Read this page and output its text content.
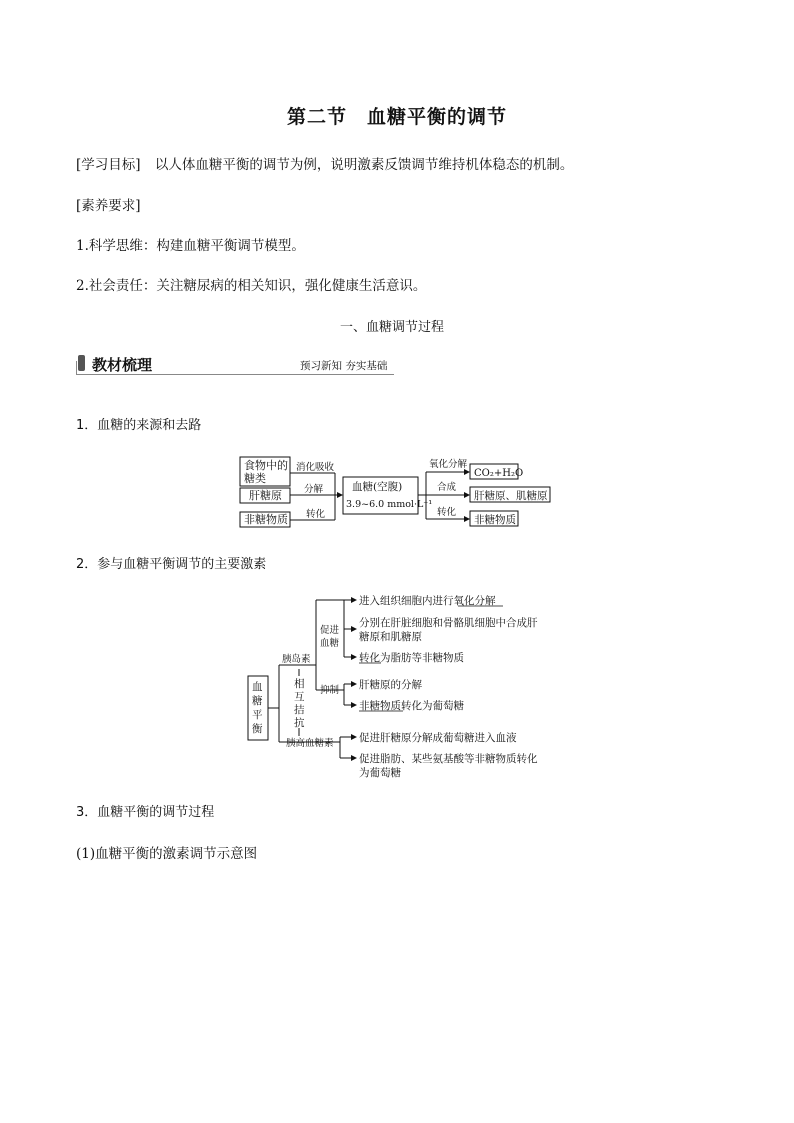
第二节　血糖平衡的调节
[学习目标] 以人体血糖平衡的调节为例，说明激素反馈调节维持机体稳态的机制。
[素养要求]
1.科学思维：构建血糖平衡调节模型。
2.社会责任：关注糖尿病的相关知识，强化健康生活意识。
一、血糖调节过程
教材梳理	预习新知 夯实基础
1．血糖的来源和去路
食物中的
糖类
肝糖原
非糖物质
消化吸收
分解
转化
血糖(空腹)
3.9~6.0 mmol·L⁻¹
氧化分解
合成
转化
CO₂+H₂O
肝糖原、肌糖原
非糖物质
2．参与血糖平衡调节的主要激素
血
糖
平
衡
胰岛素
相
互
拮
抗
胰高血糖素
促进
血糖
抑制
进入组织细胞内进行氧化分解
分别在肝脏细胞和骨骼肌细胞中合成肝
糖原和肌糖原
转化为脂肪等非糖物质
肝糖原的分解
非糖物质转化为葡萄糖
促进肝糖原分解成葡萄糖进入血液
促进脂肪、某些氨基酸等非糖物质转化
为葡萄糖
3．血糖平衡的调节过程
(1)血糖平衡的激素调节示意图
